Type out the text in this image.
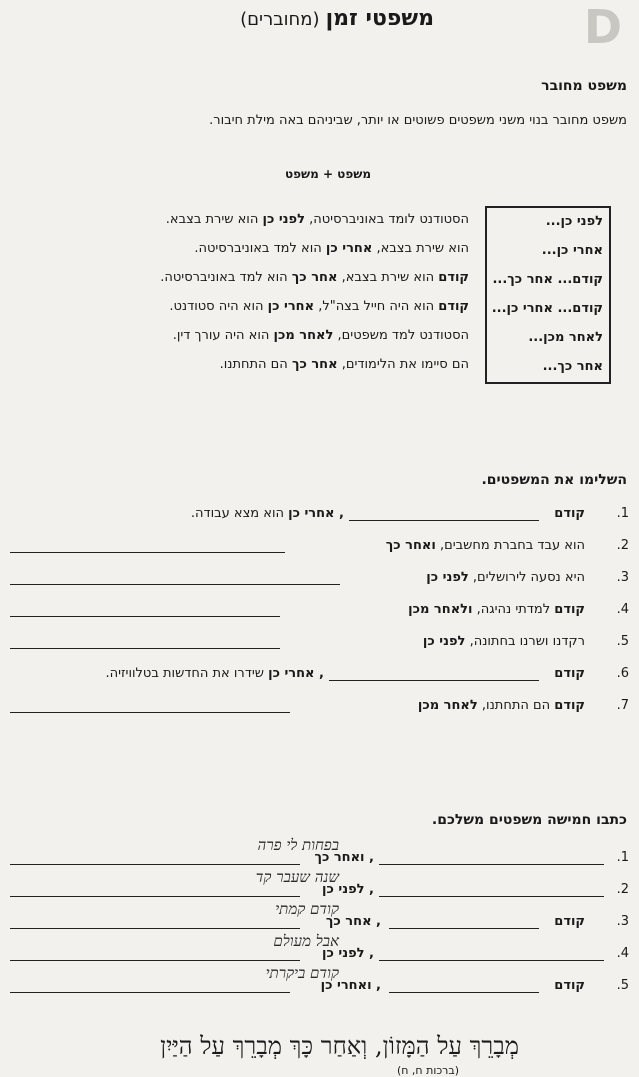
D
משפטי זמן(מחוברים)
משפט מחובר
משפט מחובר בנוי משני משפטים פשוטים או יותר, שביניהם באה מילת חיבור.
משפט + משפט
לפני כן...
אחרי כן...
קודם... אחר כך...
קודם... אחרי כן...
לאחר מכן...
אחר כך...
הסטודנט לומד באוניברסיטה, לפני כן הוא שירת בצבא.
הוא שירת בצבא, אחרי כן הוא למד באוניברסיטה.
קודם הוא שירת בצבא, אחר כך הוא למד באוניברסיטה.
קודם הוא היה חייל בצה"ל, אחרי כן הוא היה סטודנט.
הסטודנט למד משפטים, לאחר מכן הוא היה עורך דין.
הם סיימו את הלימודים, אחר כך הם התחתנו.
השלימו את המשפטים.
1.
קודם
, אחרי כן הוא מצא עבודה.
2.
הוא עבד בחברת מחשבים, ואחר כך
3.
היא נסעה לירושלים, לפני כן
4.
קודם למדתי נהיגה, ולאחר מכן
5.
רקדנו ושרנו בחתונה, לפני כן
6.
קודם
, אחרי כן שידרו את החדשות בטלוויזיה.
7.
קודם הם התחתנו, לאחר מכן
כתבו חמישה משפטים משלכם.
1.
, ואחר כך
בפחות לי פרה
2.
, לפני כן
שנה שעבר קד
3.
קודם
, אחר כך
קודם קמתי
4.
, לפני כן
אבל מעולם
5.
קודם
, ואחרי כן
קודם ביקרתי
מְבָרֵךְ עַל הַמָּזוֹן, וְאַחַר כָּךְ מְבָרֵךְ עַל הַיַּיִן
(ברכות ח, ח)
